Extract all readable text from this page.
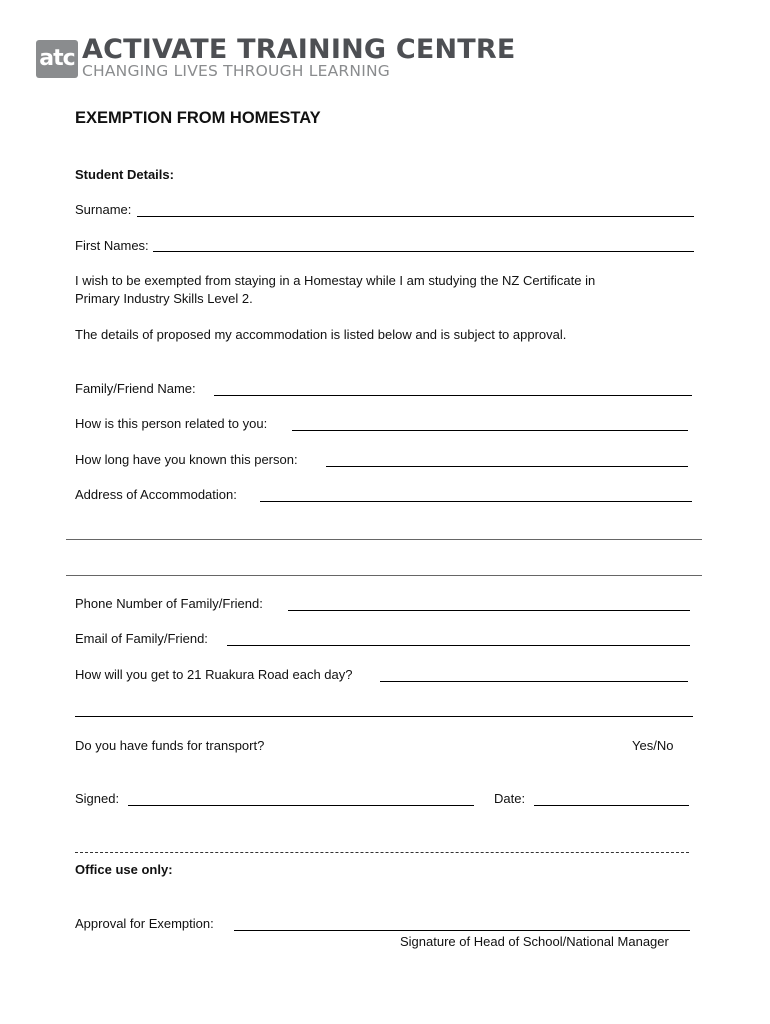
atc ACTIVATE TRAINING CENTRE
CHANGING LIVES THROUGH LEARNING
EXEMPTION FROM HOMESTAY
Student Details:
Surname:
First Names:
I wish to be exempted from staying in a Homestay while I am studying the NZ Certificate in
Primary Industry Skills Level 2.
The details of proposed my accommodation is listed below and is subject to approval.
Family/Friend Name:
How is this person related to you:
How long have you known this person:
Address of Accommodation:
Phone Number of Family/Friend:
Email of Family/Friend:
How will you get to 21 Ruakura Road each day?
Do you have funds for transport?	Yes/No
Signed:	Date:
Office use only:
Approval for Exemption:
Signature of Head of School/National Manager
